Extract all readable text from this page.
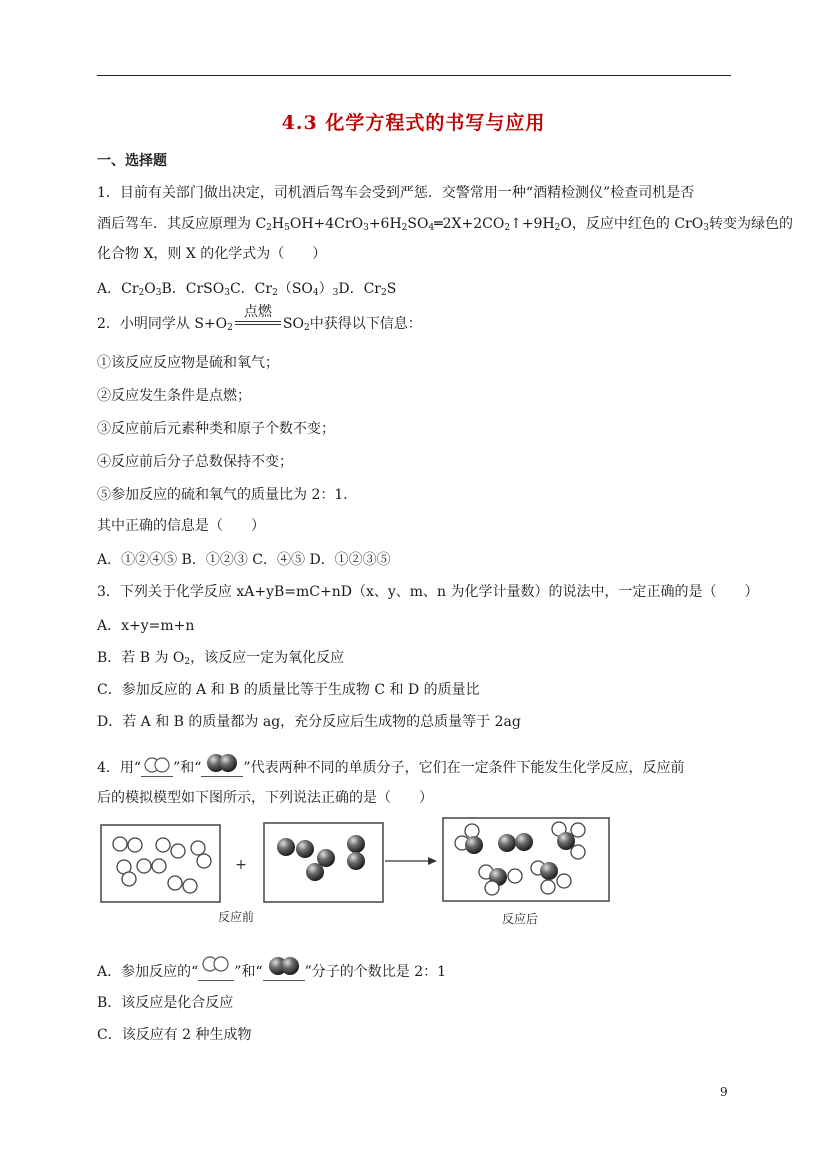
4.3 化学方程式的书写与应用
一、选择题
1．目前有关部门做出决定，司机酒后驾车会受到严惩．交警常用一种“酒精检测仪”检查司机是否
酒后驾车．其反应原理为 $C_2H_5OH+4CrO_3+6H_2SO_4═2X+2CO_2↑+9H_2O$，反应中红色的 CrO$_3$转变为绿色的
化合物 X，则 X 的化学式为（　　）
A．$Cr_2O_3B$．CrSO$_3$C．$Cr_2(SO_4)_3D$．$Cr_2S$
2．小明同学从 $S+O_2$
点燃
$SO_2$中获得以下信息：
①该反应反应物是硫和氧气；
②反应发生条件是点燃；
③反应前后元素种类和原子个数不变；
④反应前后分子总数保持不变；
⑤参加反应的硫和氧气的质量比为 2：1．
其中正确的信息是（　　）
A．①②④⑤ B．①②③ C．④⑤ D．①②③⑤
3．下列关于化学反应 xA+yB=mC+nD（x、y、m、n 为化学计量数）的说法中，一定正确的是（　　）
A．x+y=m+n
B．若 B 为 $O_2$，该反应一定为氧化反应
C．参加反应的 A 和 B 的质量比等于生成物 C 和 D 的质量比
D．若 A 和 B 的质量都为 ag，充分反应后生成物的总质量等于 2ag
4．用“ ”和“	”代表两种不同的单质分子，它们在一定条件下能发生化学反应，反应前
后的模拟模型如下图所示，下列说法正确的是（　　）
+
反应前	反应后
A．参加反应的“	”和“	”分子的个数比是 2：1
B．该反应是化合反应
C．该反应有 2 种生成物
9
